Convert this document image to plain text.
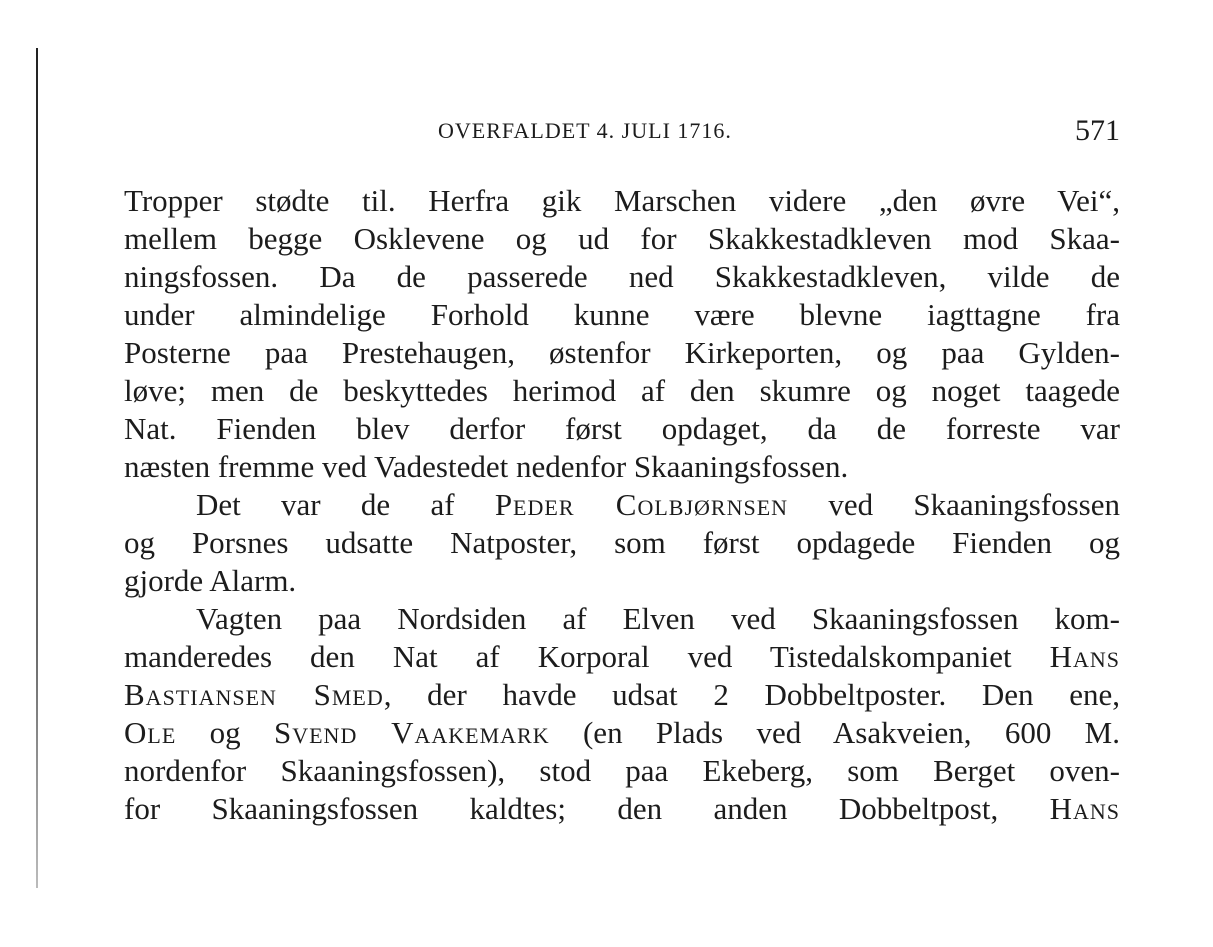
OVERFALDET 4. JULI 1716.	571
Tropper stødte til. Herfra gik Marschen videre „den øvre Vei“,
mellem begge Osklevene og ud for Skakkestadkleven mod Skaa-
ningsfossen. Da de passerede ned Skakkestadkleven, vilde de
under almindelige Forhold kunne være blevne iagttagne fra
Posterne paa Prestehaugen, østenfor Kirkeporten, og paa Gylden-
løve; men de beskyttedes herimod af den skumre og noget taagede
Nat. Fienden blev derfor først opdaget, da de forreste var
næsten fremme ved Vadestedet nedenfor Skaaningsfossen.
Det var de af Peder Colbjørnsen ved Skaaningsfossen
og Porsnes udsatte Natposter, som først opdagede Fienden og
gjorde Alarm.
Vagten paa Nordsiden af Elven ved Skaaningsfossen kom-
manderedes den Nat af Korporal ved Tistedalskompaniet Hans
Bastiansen Smed, der havde udsat 2 Dobbeltposter. Den ene,
Ole og Svend Vaakemark (en Plads ved Asakveien, 600 M.
nordenfor Skaaningsfossen), stod paa Ekeberg, som Berget oven-
for Skaaningsfossen kaldtes; den anden Dobbeltpost, Hans
